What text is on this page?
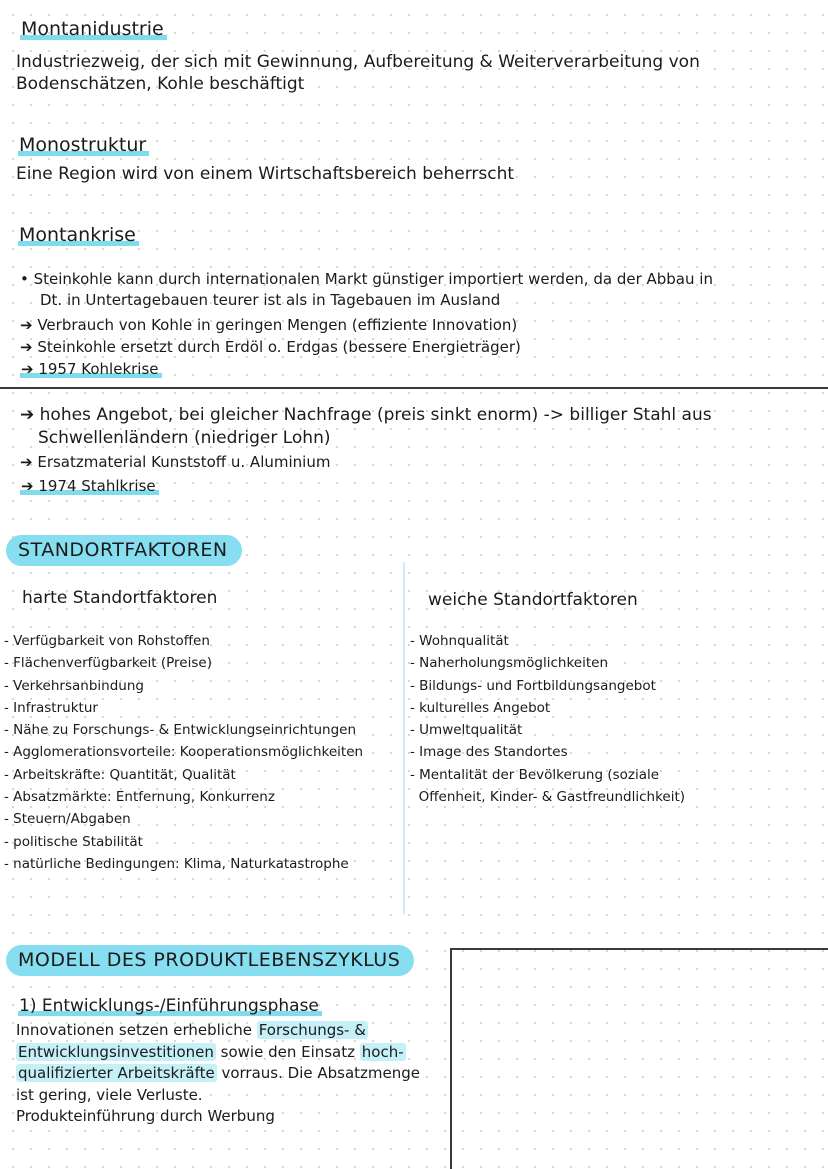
Montanidustrie
Industriezweig, der sich mit Gewinnung, Aufbereitung & Weiterverarbeitung von
Bodenschätzen, Kohle beschäftigt
Monostruktur
Eine Region wird von einem Wirtschaftsbereich beherrscht
Montankrise
• Steinkohle kann durch internationalen Markt günstiger importiert werden, da der Abbau in
Dt. in Untertagebauen teurer ist als in Tagebauen im Ausland
➔ Verbrauch von Kohle in geringen Mengen (effiziente Innovation)
➔ Steinkohle ersetzt durch Erdöl o. Erdgas (bessere Energieträger)
➔ 1957 Kohlekrise
➔ hohes Angebot, bei gleicher Nachfrage (preis sinkt enorm) -> billiger Stahl aus
Schwellenländern (niedriger Lohn)
➔ Ersatzmaterial Kunststoff u. Aluminium
➔ 1974 Stahlkrise
STANDORTFAKTOREN
harte Standortfaktoren	weiche Standortfaktoren
- Verfügbarkeit von Rohstoffen
- Flächenverfügbarkeit (Preise)
- Verkehrsanbindung
- Infrastruktur
- Nähe zu Forschungs- & Entwicklungseinrichtungen
- Agglomerationsvorteile: Kooperationsmöglichkeiten
- Arbeitskräfte: Quantität, Qualität
- Absatzmärkte: Entfernung, Konkurrenz
- Steuern/Abgaben
- politische Stabilität
- natürliche Bedingungen: Klima, Naturkatastrophe
- Wohnqualität
- Naherholungsmöglichkeiten
- Bildungs- und Fortbildungsangebot
- kulturelles Angebot
- Umweltqualität
- Image des Standortes
- Mentalität der Bevölkerung (soziale
Offenheit, Kinder- & Gastfreundlichkeit)
MODELL DES PRODUKTLEBENSZYKLUS
1) Entwicklungs-/Einführungsphase
Innovationen setzen erhebliche Forschungs- &
Entwicklungsinvestitionen sowie den Einsatz hoch-
qualifizierter Arbeitskräfte vorraus. Die Absatzmenge
ist gering, viele Verluste.
Produkteinführung durch Werbung
